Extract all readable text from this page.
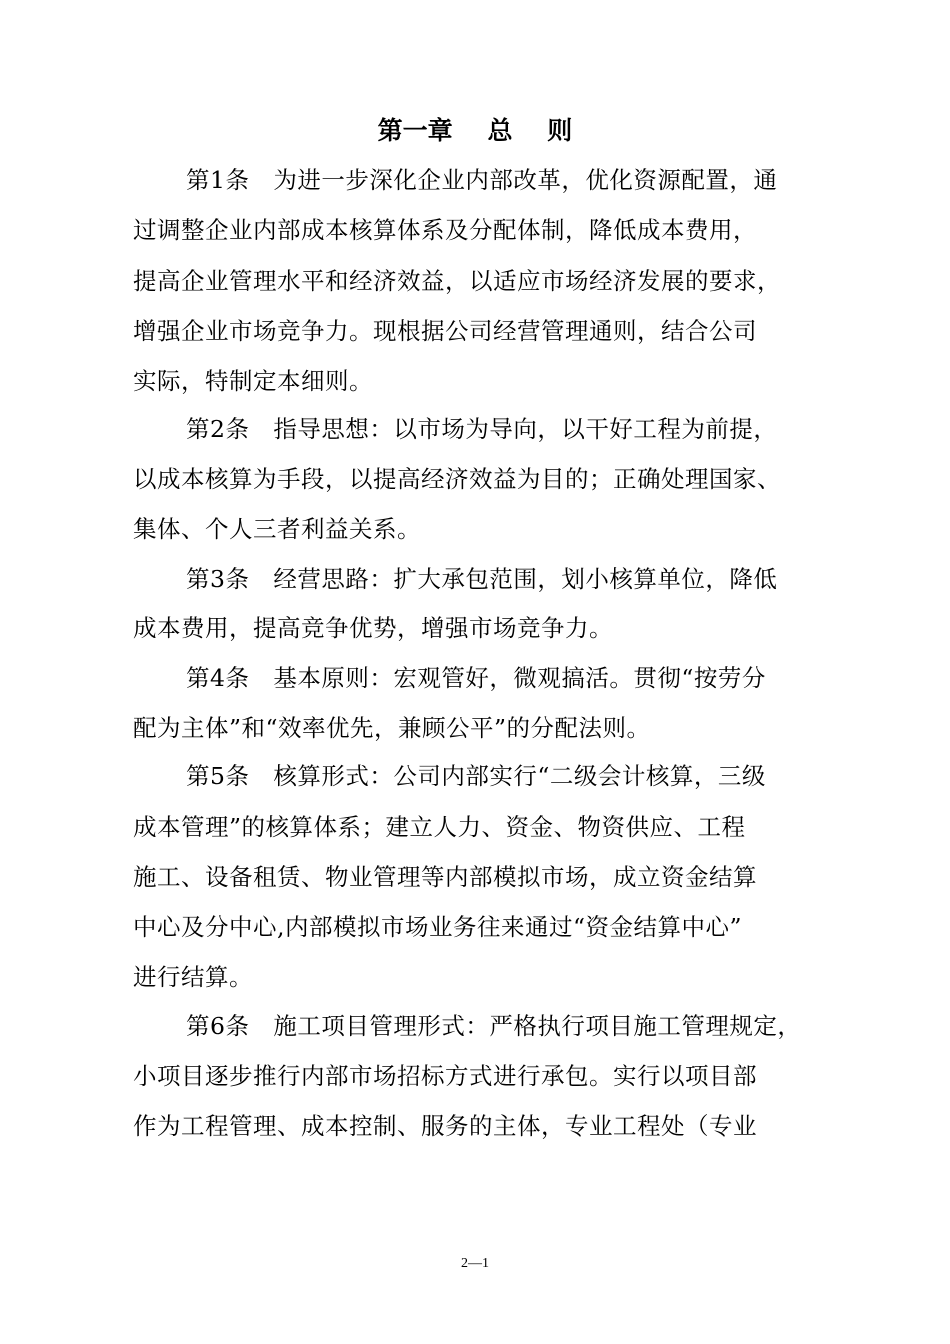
第一章    总    则
第1条   为进一步深化企业内部改革，优化资源配置，通
过调整企业内部成本核算体系及分配体制，降低成本费用，
提高企业管理水平和经济效益，以适应市场经济发展的要求，
增强企业市场竞争力。现根据公司经营管理通则，结合公司
实际，特制定本细则。
第2条   指导思想：以市场为导向，以干好工程为前提，
以成本核算为手段，以提高经济效益为目的；正确处理国家、
集体、个人三者利益关系。
第3条   经营思路：扩大承包范围，划小核算单位，降低
成本费用，提高竞争优势，增强市场竞争力。
第4条   基本原则：宏观管好，微观搞活。贯彻“按劳分
配为主体”和“效率优先，兼顾公平”的分配法则。
第5条   核算形式：公司内部实行“二级会计核算，三级
成本管理”的核算体系；建立人力、资金、物资供应、工程
施工、设备租赁、物业管理等内部模拟市场，成立资金结算
中心及分中心,内部模拟市场业务往来通过“资金结算中心”
进行结算。
第6条   施工项目管理形式：严格执行项目施工管理规定，
小项目逐步推行内部市场招标方式进行承包。实行以项目部
作为工程管理、成本控制、服务的主体，专业工程处（专业
2—1
